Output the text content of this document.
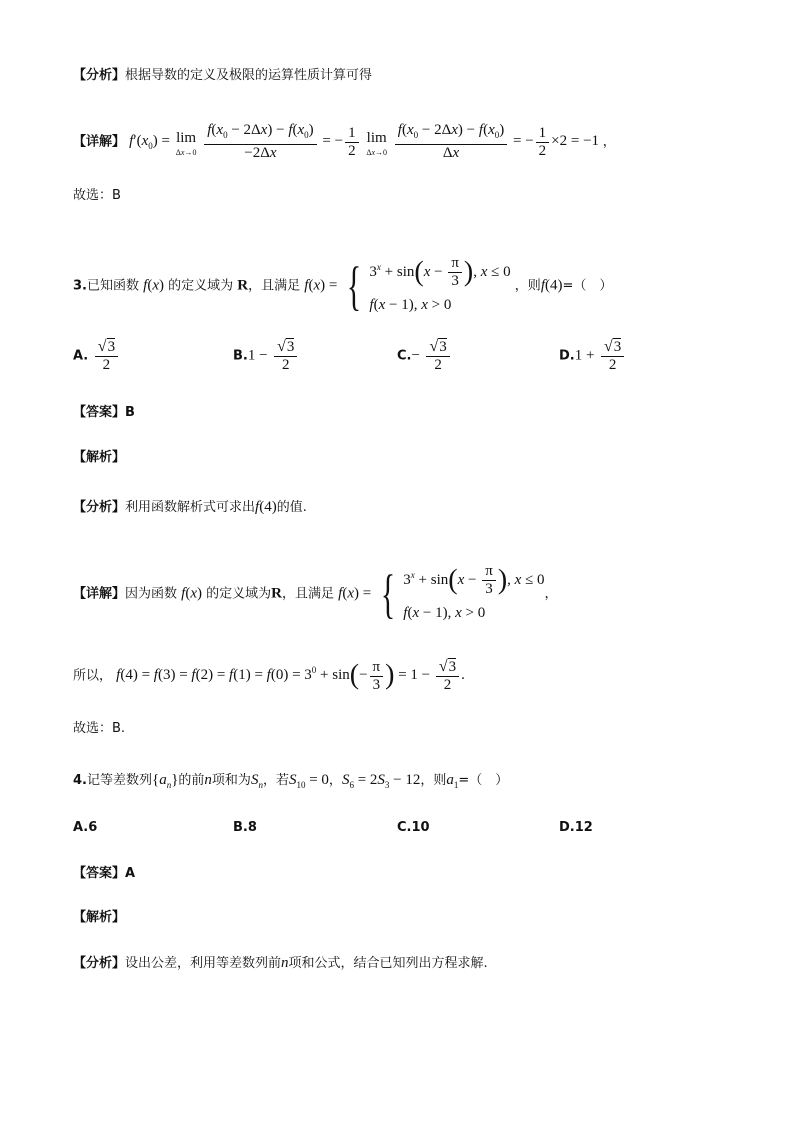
【分析】根据导数的定义及极限的运算性质计算可得
【详解】 $f'(x_0) = \lim$
Δx→0
$\frac{f(x_0 - 2\Delta x) - f(x_0)}{-2\Delta x}$ = − $\frac{1}{2}$
lim
Δx→0
$\frac{f(x_0 - 2\Delta x) - f(x_0)}{\Delta x}$ = − $\frac{1}{2} \times 2 = -1$ ，
故选：B
3.已知函数 f(x) 的定义域为 R，且满足 f(x) = { $3^x + \sin(x - \frac{\pi}{3}$ ), x ≤ 0
f(x − 1), x > 0
，则f(4)=（　）
A. $\frac{√3}{2}$	$B.1 - \frac{√3}{2}$	$C.- \frac{√3}{2}$	$D.1 + \frac{√3}{2}$
【答案】B
【解析】
【分析】利用函数解析式可求出f(4)的值.
【详解】因为函数 f(x) 的定义域为R，且满足 f(x) = { $3^x + \sin(x - \frac{\pi}{3}$ ), x ≤ 0
f(x − 1), x > 0
，
所以， $f(4) = f(3) = f(2) = f(1) = f(0) = 3^0 + \sin(- \frac{\pi}{3}$ ) = $1 - \frac{√3}{2}$ .
故选：B.
4.记等差数列$\{a_n\}$的前n项和为$S_n$，若$S_{10} = 0$，$S_6 = 2S_3 - 12$，则$a_1=$（　）
A.6	B.8	C.10	D.12
【答案】A
【解析】
【分析】设出公差，利用等差数列前n项和公式，结合已知列出方程求解.
